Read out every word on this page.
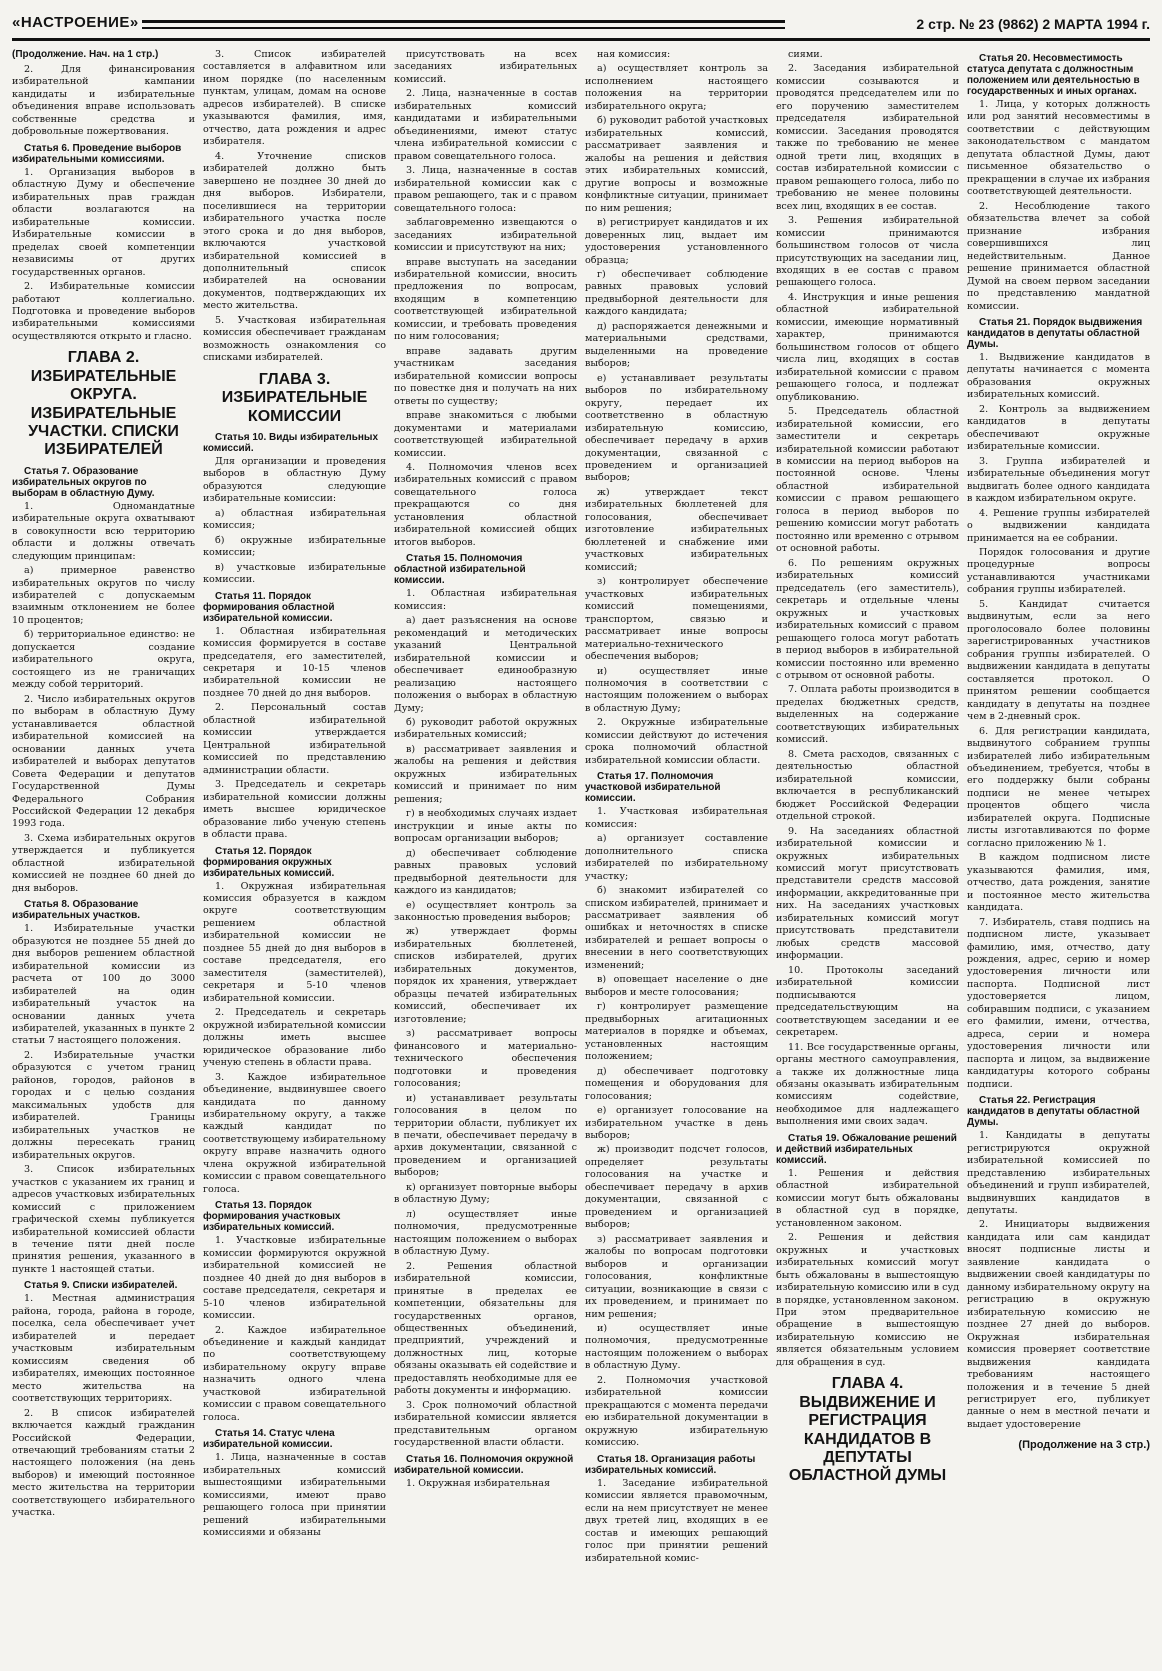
«НАСТРОЕНИЕ»	2 стр. № 23 (9862) 2 МАРТА 1994 г.
(Продолжение. Нач. на 1 стр.)

2. Для финансирования избирательной кампании кандидаты и избирательные объединения вправе использовать собственные средства и добровольные пожертвования.

Статья 6. Проведение выборов избирательными комиссиями.

1. Организация выборов в областную Думу и обеспечение избирательных прав граждан области возлагаются на избирательные комиссии. Избирательные комиссии в пределах своей компетенции независимы от других государственных органов.

2. Избирательные комиссии работают коллегиально. Подготовка и проведение выборов избирательными комиссиями осуществляются открыто и гласно.

ГЛАВА 2. ИЗБИРАТЕЛЬНЫЕ ОКРУГА. ИЗБИРАТЕЛЬНЫЕ УЧАСТКИ. СПИСКИ ИЗБИРАТЕЛЕЙ
Статья 7. Образование избирательных округов по выборам в областную Думу.

1. Одномандатные избирательные округа охватывают в совокупности всю территорию области и должны отвечать следующим принципам:

а) примерное равенство избирательных округов по числу избирателей с допускаемым взаимным отклонением не более 10 процентов;

б) территориальное единство: не допускается создание избирательного округа, состоящего из не граничащих между собой территорий.

2. Число избирательных округов по выборам в областную Думу устанавливается областной избирательной комиссией на основании данных учета избирателей и выборах депутатов Совета Федерации и депутатов Государственной Думы Федерального Собрания Российской Федерации 12 декабря 1993 года.

3. Схема избирательных округов утверждается и публикуется областной избирательной комиссией не позднее 60 дней до дня выборов.

Статья 8. Образование избирательных участков.

1. Избирательные участки образуются не позднее 55 дней до дня выборов решением областной избирательной комиссии из расчета от 100 до 3000 избирателей на один избирательный участок на основании данных учета избирателей, указанных в пункте 2 статьи 7 настоящего положения.

2. Избирательные участки образуются с учетом границ районов, городов, районов в городах и с целью создания максимальных удобств для избирателей. Границы избирательных участков не должны пересекать границ избирательных округов.

3. Список избирательных участков с указанием их границ и адресов участковых избирательных комиссий с приложением графической схемы публикуется избирательной комиссией области в течение пяти дней после принятия решения, указанного в пункте 1 настоящей статьи.

Статья 9. Списки избирателей.

1. Местная администрация района, города, района в городе, поселка, села обеспечивает учет избирателей и передает участковым избирательным комиссиям сведения об избирателях, имеющих постоянное место жительства на соответствующих территориях.

2. В список избирателей включается каждый гражданин Российской Федерации, отвечающий требованиям статьи 2 настоящего положения (на день выборов) и имеющий постоянное место жительства на территории соответствующего избирательного участка.

3. Список избирателей составляется в алфавитном или ином порядке (по населенным пунктам, улицам, домам на основе адресов избирателей). В списке указываются фамилия, имя, отчество, дата рождения и адрес избирателя.

4. Уточнение списков избирателей должно быть завершено не позднее 30 дней до дня выборов. Избиратели, поселившиеся на территории избирательного участка после этого срока и до дня выборов, включаются участковой избирательной комиссией в дополнительный список избирателей на основании документов, подтверждающих их место жительства.

5. Участковая избирательная комиссия обеспечивает гражданам возможность ознакомления со списками избирателей.

ГЛАВА 3. ИЗБИРАТЕЛЬНЫЕ КОМИССИИ
Статья 10. Виды избирательных комиссий.

Для организации и проведения выборов в областную Думу образуются следующие избирательные комиссии:

а) областная избирательная комиссия;

б) окружные избирательные комиссии;

в) участковые избирательные комиссии.

Статья 11. Порядок формирования областной избирательной комиссии.

1. Областная избирательная комиссия формируется в составе председателя, его заместителей, секретаря и 10-15 членов избирательной комиссии не позднее 70 дней до дня выборов.

2. Персональный состав областной избирательной комиссии утверждается Центральной избирательной комиссией по представлению администрации области.

3. Председатель и секретарь избирательной комиссии должны иметь высшее юридическое образование либо ученую степень в области права.

Статья 12. Порядок формирования окружных избирательных комиссий.

1. Окружная избирательная комиссия образуется в каждом округе соответствующим решением областной избирательной комиссии не позднее 55 дней до дня выборов в составе председателя, его заместителя (заместителей), секретаря и 5-10 членов избирательной комиссии.

2. Председатель и секретарь окружной избирательной комиссии должны иметь высшее юридическое образование либо ученую степень в области права.

3. Каждое избирательное объединение, выдвинувшее своего кандидата по данному избирательному округу, а также каждый кандидат по соответствующему избирательному округу вправе назначить одного члена окружной избирательной комиссии с правом совещательного голоса.

Статья 13. Порядок формирования участковых избирательных комиссий.

1. Участковые избирательные комиссии формируются окружной избирательной комиссией не позднее 40 дней до дня выборов в составе председателя, секретаря и 5-10 членов избирательной комиссии.

2. Каждое избирательное объединение и каждый кандидат по соответствующему избирательному округу вправе назначить одного члена участковой избирательной комиссии с правом совещательного голоса.

Статья 14. Статус члена избирательной комиссии.

1. Лица, назначенные в состав избирательных комиссий вышестоящими избирательными комиссиями, имеют право решающего голоса при принятии решений избирательными комиссиями и обязаны

присутствовать на всех заседаниях избирательных комиссий.

2. Лица, назначенные в состав избирательных комиссий кандидатами и избирательными объединениями, имеют статус члена избирательной комиссии с правом совещательного голоса.

3. Лица, назначенные в состав избирательной комиссии как с правом решающего, так и с правом совещательного голоса:

заблаговременно извещаются о заседаниях избирательной комиссии и присутствуют на них;

вправе выступать на заседании избирательной комиссии, вносить предложения по вопросам, входящим в компетенцию соответствующей избирательной комиссии, и требовать проведения по ним голосования;

вправе задавать другим участникам заседания избирательной комиссии вопросы по повестке дня и получать на них ответы по существу;

вправе знакомиться с любыми документами и материалами соответствующей избирательной комиссии.

4. Полномочия членов всех избирательных комиссий с правом совещательного голоса прекращаются со дня установления областной избирательной комиссией общих итогов выборов.

Статья 15. Полномочия областной избирательной комиссии.

1. Областная избирательная комиссия:

а) дает разъяснения на основе рекомендаций и методических указаний Центральной избирательной комиссии и обеспечивает единообразную реализацию настоящего положения о выборах в областную Думу;

б) руководит работой окружных избирательных комиссий;

в) рассматривает заявления и жалобы на решения и действия окружных избирательных комиссий и принимает по ним решения;

г) в необходимых случаях издает инструкции и иные акты по вопросам организации выборов;

д) обеспечивает соблюдение равных правовых условий предвыборной деятельности для каждого из кандидатов;

е) осуществляет контроль за законностью проведения выборов;

ж) утверждает формы избирательных бюллетеней, списков избирателей, других избирательных документов, порядок их хранения, утверждает образцы печатей избирательных комиссий, обеспечивает их изготовление;

з) рассматривает вопросы финансового и материально-технического обеспечения подготовки и проведения голосования;

и) устанавливает результаты голосования в целом по территории области, публикует их в печати, обеспечивает передачу в архив документации, связанной с проведением и организацией выборов;

к) организует повторные выборы в областную Думу;

л) осуществляет иные полномочия, предусмотренные настоящим положением о выборах в областную Думу.

2. Решения областной избирательной комиссии, принятые в пределах ее компетенции, обязательны для государственных органов, общественных объединений, предприятий, учреждений и должностных лиц, которые обязаны оказывать ей содействие и предоставлять необходимые для ее работы документы и информацию.

3. Срок полномочий областной избирательной комиссии является представительным органом государственной власти области.

Статья 16. Полномочия окружной избирательной комиссии.

1. Окружная избирательная

ная комиссия:

а) осуществляет контроль за исполнением настоящего положения на территории избирательного округа;

б) руководит работой участковых избирательных комиссий, рассматривает заявления и жалобы на решения и действия этих избирательных комиссий, другие вопросы и возможные конфликтные ситуации, принимает по ним решения;

в) регистрирует кандидатов и их доверенных лиц, выдает им удостоверения установленного образца;

г) обеспечивает соблюдение равных правовых условий предвыборной деятельности для каждого кандидата;

д) распоряжается денежными и материальными средствами, выделенными на проведение выборов;

е) устанавливает результаты выборов по избирательному округу, передает их соответственно в областную избирательную комиссию, обеспечивает передачу в архив документации, связанной с проведением и организацией выборов;

ж) утверждает текст избирательных бюллетеней для голосования, обеспечивает изготовление избирательных бюллетеней и снабжение ими участковых избирательных комиссий;

з) контролирует обеспечение участковых избирательных комиссий помещениями, транспортом, связью и рассматривает иные вопросы материально-технического обеспечения выборов;

и) осуществляет иные полномочия в соответствии с настоящим положением о выборах в областную Думу;

2. Окружные избирательные комиссии действуют до истечения срока полномочий областной избирательной комиссии области.

Статья 17. Полномочия участковой избирательной комиссии.

1. Участковая избирательная комиссия:

а) организует составление дополнительного списка избирателей по избирательному участку;

б) знакомит избирателей со списком избирателей, принимает и рассматривает заявления об ошибках и неточностях в списке избирателей и решает вопросы о внесении в него соответствующих изменений;

в) оповещает население о дне выборов и месте голосования;

г) контролирует размещение предвыборных агитационных материалов в порядке и объемах, установленных настоящим положением;

д) обеспечивает подготовку помещения и оборудования для голосования;

е) организует голосование на избирательном участке в день выборов;

ж) производит подсчет голосов, определяет результаты голосования на участке и обеспечивает передачу в архив документации, связанной с проведением и организацией выборов;

з) рассматривает заявления и жалобы по вопросам подготовки выборов и организации голосования, конфликтные ситуации, возникающие в связи с их проведением, и принимает по ним решения;

и) осуществляет иные полномочия, предусмотренные настоящим положением о выборах в областную Думу.

2. Полномочия участковой избирательной комиссии прекращаются с момента передачи ею избирательной документации в окружную избирательную комиссию.

Статья 18. Организация работы избирательных комиссий.

1. Заседание избирательной комиссии является правомочным, если на нем присутствует не менее двух третей лиц, входящих в ее состав и имеющих решающий голос при принятии решений избирательной комис-

сиями.

2. Заседания избирательной комиссии созываются и проводятся председателем или по его поручению заместителем председателя избирательной комиссии. Заседания проводятся также по требованию не менее одной трети лиц, входящих в состав избирательной комиссии с правом решающего голоса, либо по требованию не менее половины всех лиц, входящих в ее состав.

3. Решения избирательной комиссии принимаются большинством голосов от числа присутствующих на заседании лиц, входящих в ее состав с правом решающего голоса.

4. Инструкция и иные решения областной избирательной комиссии, имеющие нормативный характер, принимаются большинством голосов от общего числа лиц, входящих в состав избирательной комиссии с правом решающего голоса, и подлежат опубликованию.

5. Председатель областной избирательной комиссии, его заместители и секретарь избирательной комиссии работают в комиссии на период выборов на постоянной основе. Члены областной избирательной комиссии с правом решающего голоса в период выборов по решению комиссии могут работать постоянно или временно с отрывом от основной работы.

6. По решениям окружных избирательных комиссий председатель (его заместитель), секретарь и отдельные члены окружных и участковых избирательных комиссий с правом решающего голоса могут работать в период выборов в избирательной комиссии постоянно или временно с отрывом от основной работы.

7. Оплата работы производится в пределах бюджетных средств, выделенных на содержание соответствующих избирательных комиссий.

8. Смета расходов, связанных с деятельностью областной избирательной комиссии, включается в республиканский бюджет Российской Федерации отдельной строкой.

9. На заседаниях областной избирательной комиссии и окружных избирательных комиссий могут присутствовать представители средств массовой информации, аккредитованные при них. На заседаниях участковых избирательных комиссий могут присутствовать представители любых средств массовой информации.

10. Протоколы заседаний избирательной комиссии подписываются председательствующим на соответствующем заседании и ее секретарем.

11. Все государственные органы, органы местного самоуправления, а также их должностные лица обязаны оказывать избирательным комиссиям содействие, необходимое для надлежащего выполнения ими своих задач.

Статья 19. Обжалование решений и действий избирательных комиссий.

1. Решения и действия областной избирательной комиссии могут быть обжалованы в областной суд в порядке, установленном законом.

2. Решения и действия окружных и участковых избирательных комиссий могут быть обжалованы в вышестоящую избирательную комиссию или в суд в порядке, установленном законом. При этом предварительное обращение в вышестоящую избирательную комиссию не является обязательным условием для обращения в суд.

ГЛАВА 4. ВЫДВИЖЕНИЕ И РЕГИСТРАЦИЯ КАНДИДАТОВ В ДЕПУТАТЫ ОБЛАСТНОЙ ДУМЫ
Статья 20. Несовместимость статуса депутата с должностным положением или деятельностью в государственных и иных органах.

1. Лица, у которых должность или род занятий несовместимы в соответствии с действующим законодательством с мандатом депутата областной Думы, дают письменное обязательство о прекращении в случае их избрания соответствующей деятельности.

2. Несоблюдение такого обязательства влечет за собой признание избрания совершившихся лиц недействительным. Данное решение принимается областной Думой на своем первом заседании по представлению мандатной комиссии.

Статья 21. Порядок выдвижения кандидатов в депутаты областной Думы.

1. Выдвижение кандидатов в депутаты начинается с момента образования окружных избирательных комиссий.

2. Контроль за выдвижением кандидатов в депутаты обеспечивают окружные избирательные комиссии.

3. Группа избирателей и избирательные объединения могут выдвигать более одного кандидата в каждом избирательном округе.

4. Решение группы избирателей о выдвижении кандидата принимается на ее собрании.

Порядок голосования и другие процедурные вопросы устанавливаются участниками собрания группы избирателей.

5. Кандидат считается выдвинутым, если за него проголосовало более половины зарегистрированных участников собрания группы избирателей. О выдвижении кандидата в депутаты составляется протокол. О принятом решении сообщается кандидату в депутаты на позднее чем в 2-дневный срок.

6. Для регистрации кандидата, выдвинутого собранием группы избирателей либо избирательным объединением, требуется, чтобы в его поддержку были собраны подписи не менее четырех процентов общего числа избирателей округа. Подписные листы изготавливаются по форме согласно приложению № 1.

В каждом подписном листе указываются фамилия, имя, отчество, дата рождения, занятие и постоянное место жительства кандидата.

7. Избиратель, ставя подпись на подписном листе, указывает фамилию, имя, отчество, дату рождения, адрес, серию и номер удостоверения личности или паспорта. Подписной лист удостоверяется лицом, собиравшим подписи, с указанием его фамилии, имени, отчества, адреса, серии и номера удостоверения личности или паспорта и лицом, за выдвижение кандидатуры которого собраны подписи.

Статья 22. Регистрация кандидатов в депутаты областной Думы.

1. Кандидаты в депутаты регистрируются окружной избирательной комиссией по представлению избирательных объединений и групп избирателей, выдвинувших кандидатов в депутаты.

2. Инициаторы выдвижения кандидата или сам кандидат вносят подписные листы и заявление кандидата о выдвижении своей кандидатуры по данному избирательному округу на регистрацию в окружную избирательную комиссию не позднее 27 дней до выборов. Окружная избирательная комиссия проверяет соответствие выдвижения кандидата требованиям настоящего положения и в течение 5 дней регистрирует его, публикует данные о нем в местной печати и выдает удостоверение

(Продолжение на 3 стр.)
